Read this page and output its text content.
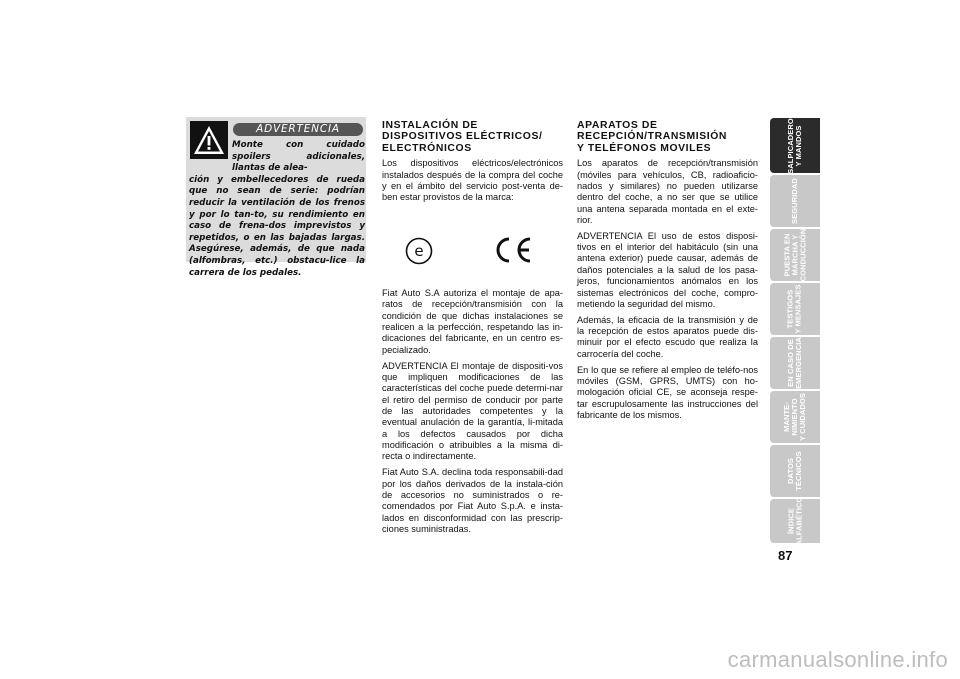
ADVERTENCIA
Monte con cuidado spoilers adicionales, llantas de alea-
ción y embellecedores de rueda que no sean de serie: podrían reducir la ventilación de los frenos y por lo tan-to, su rendimiento en caso de frena-dos imprevistos y repetidos, o en las bajadas largas. Asegúrese, además, de que nada (alfombras, etc.) obstacu-lice la carrera de los pedales.
INSTALACIÓN DE
DISPOSITIVOS ELÉCTRICOS/
ELECTRÓNICOS
Los dispositivos eléctricos/electrónicos instalados después de la compra del coche y en el ámbito del servicio post-venta de-ben estar provistos de la marca:
e
Fiat Auto S.A autoriza el montaje de apa-ratos de recepción/transmisión con la condición de que dichas instalaciones se realicen a la perfección, respetando las in-dicaciones del fabricante, en un centro es-pecializado.
ADVERTENCIA El montaje de dispositi-vos que impliquen modificaciones de las características del coche puede determi-nar el retiro del permiso de conducir por parte de las autoridades competentes y la eventual anulación de la garantía, li-mitada a los defectos causados por dicha modificación o atribuibles a la misma di-recta o indirectamente.
Fiat Auto S.A. declina toda responsabili-dad por los daños derivados de la instala-ción de accesorios no suministrados o re-comendados por Fiat Auto S.p.A. e insta-lados en disconformidad con las prescrip-ciones suministradas.
APARATOS DE
RECEPCIÓN/TRANSMISIÓN
Y TELÉFONOS MOVILES
Los aparatos de recepción/transmisión (móviles para vehículos, CB, radioaficio-nados y similares) no pueden utilizarse dentro del coche, a no ser que se utilice una antena separada montada en el exte-rior.
ADVERTENCIA El uso de estos disposi-tivos en el interior del habitáculo (sin una antena exterior) puede causar, además de daños potenciales a la salud de los pasa-jeros, funcionamientos anómalos en los sistemas electrónicos del coche, compro-metiendo la seguridad del mismo.
Además, la eficacia de la transmisión y de la recepción de estos aparatos puede dis-minuir por el efecto escudo que realiza la carrocería del coche.
En lo que se refiere al empleo de teléfo-nos móviles (GSM, GPRS, UMTS) con ho-mologación oficial CE, se aconseja respe-tar escrupulosamente las instrucciones del fabricante de los mismos.
SALPICADERO
Y MANDOS
SEGURIDAD
PUESTA EN
MARCHA Y
CONDUCCIÓN
TESTIGOS
Y MENSAJES
EN CASO DE
EMERGENCIA
MANTE-
NIMIENTO
Y CUIDADOS
DATOS
TÉCNICOS
ÍNDICE
ALFABÉTICO
87
carmanualsonline.info
